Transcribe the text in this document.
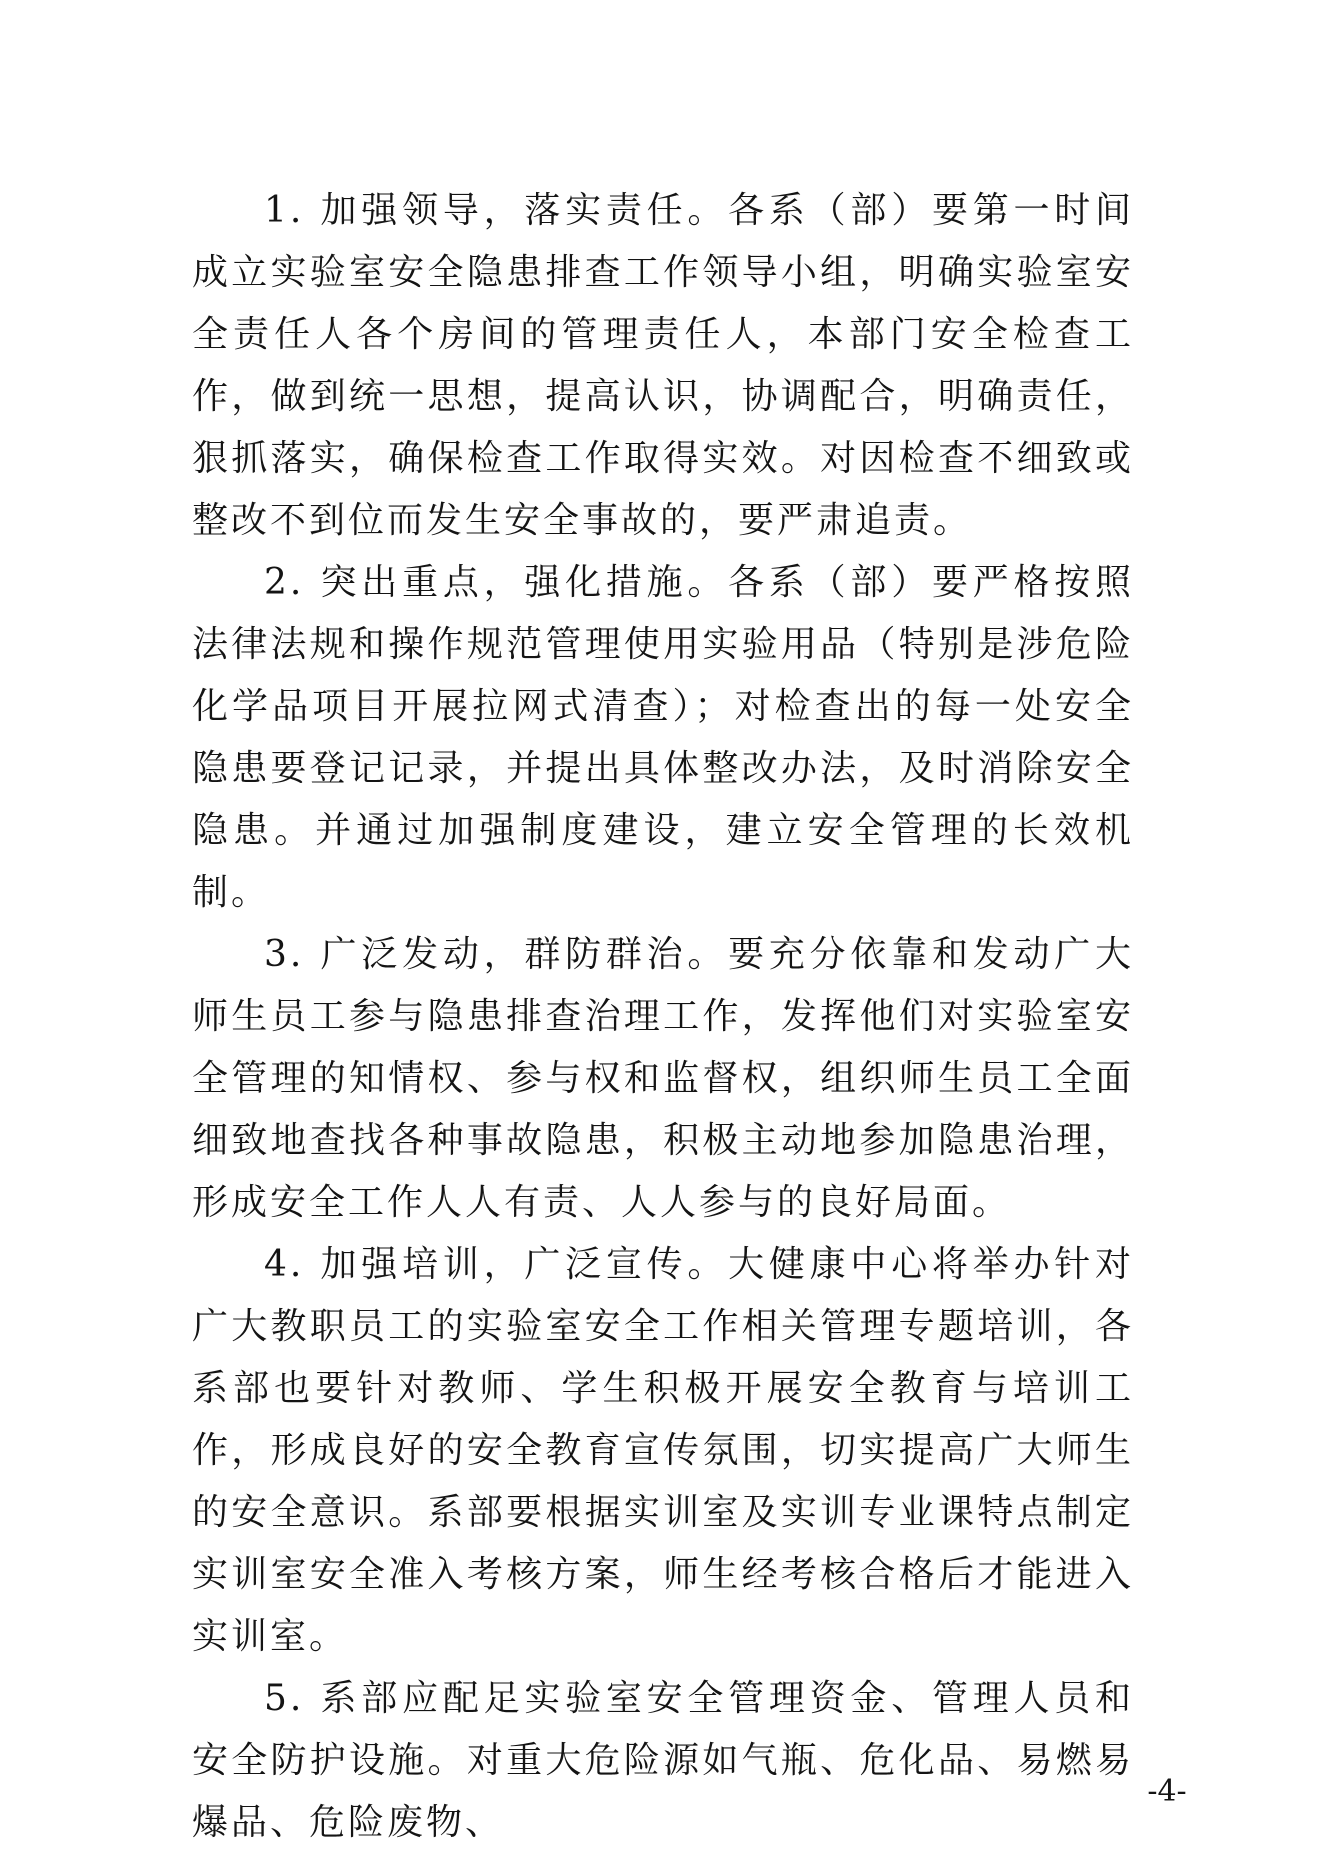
1. 加强领导，落实责任。各系（部）要第一时间成立实验室安全隐患排查工作领导小组，明确实验室安全责任人各个房间的管理责任人，本部门安全检查工作，做到统一思想，提高认识，协调配合，明确责任，狠抓落实，确保检查工作取得实效。对因检查不细致或整改不到位而发生安全事故的，要严肃追责。

2. 突出重点，强化措施。各系（部）要严格按照法律法规和操作规范管理使用实验用品（特别是涉危险化学品项目开展拉网式清查）；对检查出的每一处安全隐患要登记记录，并提出具体整改办法，及时消除安全隐患。并通过加强制度建设，建立安全管理的长效机制。

3. 广泛发动，群防群治。要充分依靠和发动广大师生员工参与隐患排查治理工作，发挥他们对实验室安全管理的知情权、参与权和监督权，组织师生员工全面细致地查找各种事故隐患，积极主动地参加隐患治理，形成安全工作人人有责、人人参与的良好局面。

4. 加强培训，广泛宣传。大健康中心将举办针对广大教职员工的实验室安全工作相关管理专题培训，各系部也要针对教师、学生积极开展安全教育与培训工作，形成良好的安全教育宣传氛围，切实提高广大师生的安全意识。系部要根据实训室及实训专业课特点制定实训室安全准入考核方案，师生经考核合格后才能进入实训室。

5. 系部应配足实验室安全管理资金、管理人员和安全防护设施。对重大危险源如气瓶、危化品、易燃易爆品、危险废物、

-4-
